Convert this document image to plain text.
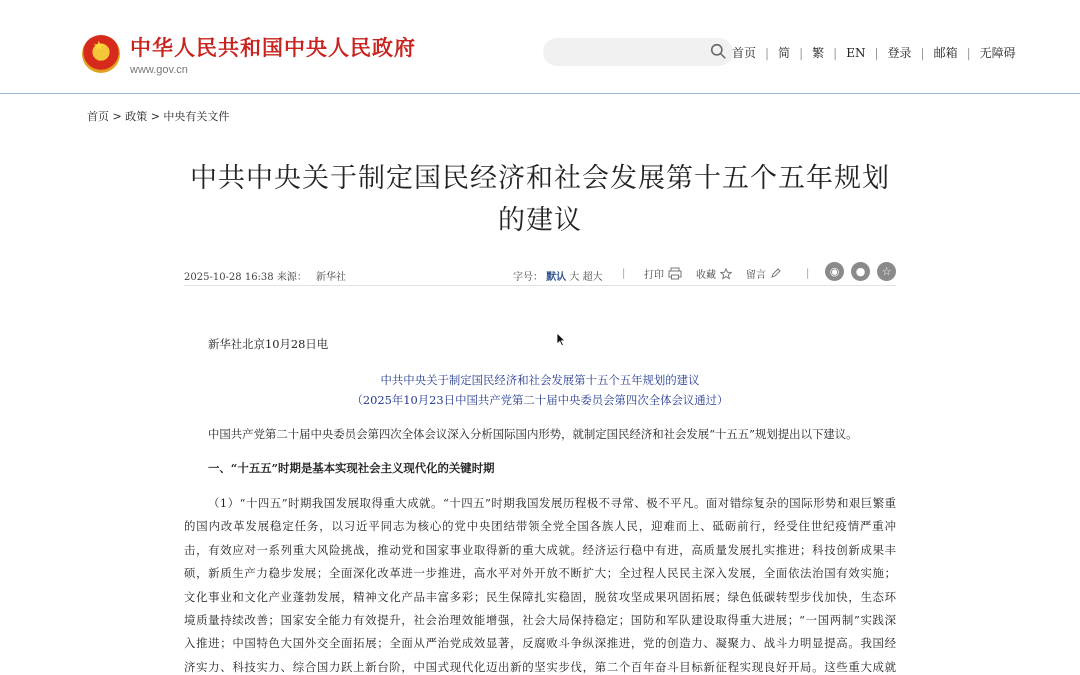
★
中华人民共和国中央人民政府
www.gov.cn
首页 | 简 | 繁 | EN | 登录 | 邮箱 | 无障碍
首页 > 政策 > 中央有关文件
中共中央关于制定国民经济和社会发展第十五个五年规划
的建议
2025-10-28 16:38 来源： 新华社	字号： 默认 大 超大 | 打印	收藏	留言	|	◉	●	☆
新华社北京10月28日电
中共中央关于制定国民经济和社会发展第十五个五年规划的建议
（2025年10月23日中国共产党第二十届中央委员会第四次全体会议通过）
中国共产党第二十届中央委员会第四次全体会议深入分析国际国内形势，就制定国民经济和社会发展“十五五”规划提出以下建议。
一、“十五五”时期是基本实现社会主义现代化的关键时期
（1）“十四五”时期我国发展取得重大成就。“十四五”时期我国发展历程极不寻常、极不平凡。面对错综复杂的国际形势和艰巨繁重
的国内改革发展稳定任务，以习近平同志为核心的党中央团结带领全党全国各族人民，迎难而上、砥砺前行，经受住世纪疫情严重冲
击，有效应对一系列重大风险挑战，推动党和国家事业取得新的重大成就。经济运行稳中有进，高质量发展扎实推进；科技创新成果丰
硕，新质生产力稳步发展；全面深化改革进一步推进，高水平对外开放不断扩大；全过程人民民主深入发展，全面依法治国有效实施；
文化事业和文化产业蓬勃发展，精神文化产品丰富多彩；民生保障扎实稳固，脱贫攻坚成果巩固拓展；绿色低碳转型步伐加快，生态环
境质量持续改善；国家安全能力有效提升，社会治理效能增强，社会大局保持稳定；国防和军队建设取得重大进展；“一国两制”实践深
入推进；中国特色大国外交全面拓展；全面从严治党成效显著，反腐败斗争纵深推进，党的创造力、凝聚力、战斗力明显提高。我国经
济实力、科技实力、综合国力跃上新台阶，中国式现代化迈出新的坚实步伐，第二个百年奋斗目标新征程实现良好开局。这些重大成就
